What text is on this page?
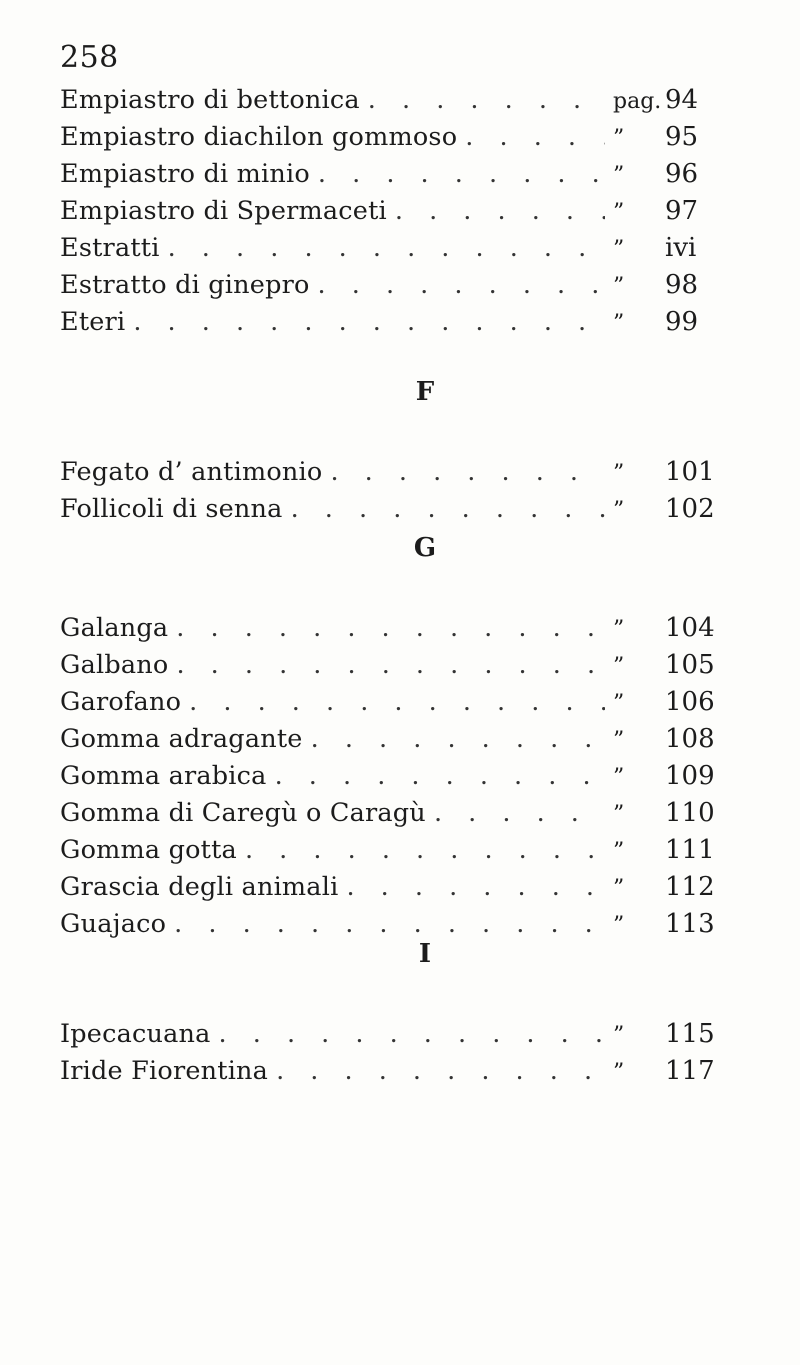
258
Empiastro di bettonica . . .	pag. 94
Empiastro diachilon gommoso . . .	”	95
Empiastro di minio . . .	”	96
Empiastro di Spermaceti . . .	”	97
Estratti . . .	”	ivi
Estratto di ginepro . . .	”	98
Eteri . . .	”	99
F
Fegato d’ antimonio . . .	”	101
Follicoli di senna . . .	”	102
G
Galanga . . .	”	104
Galbano . . .	”	105
Garofano . . .	”	106
Gomma adragante . . .	”	108
Gomma arabica . . .	”	109
Gomma di Caregù o Caragù . . .	”	110
Gomma gotta . . .	”	111
Grascia degli animali . . .	”	112
Guajaco . . .	”	113
I
Ipecacuana . . .	”	115
Iride Fiorentina . . .	”	117
